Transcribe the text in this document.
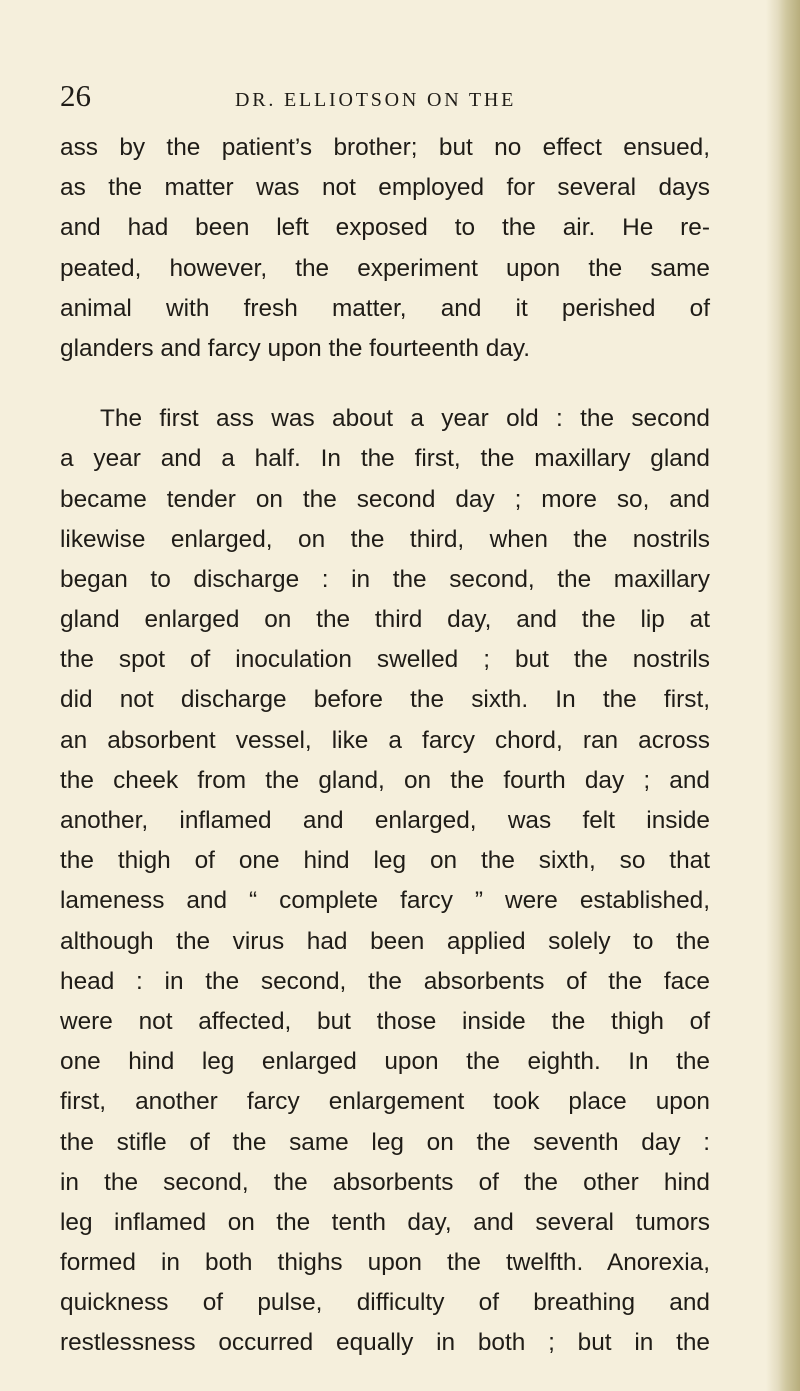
26	DR. ELLIOTSON ON THE
ass by the patient’s brother; but no effect ensued,
as the matter was not employed for several days
and had been left exposed to the air. He re-
peated, however, the experiment upon the same
animal with fresh matter, and it perished of
glanders and farcy upon the fourteenth day.
The first ass was about a year old : the second
a year and a half. In the first, the maxillary gland
became tender on the second day ; more so, and
likewise enlarged, on the third, when the nostrils
began to discharge : in the second, the maxillary
gland enlarged on the third day, and the lip at
the spot of inoculation swelled ; but the nostrils
did not discharge before the sixth. In the first,
an absorbent vessel, like a farcy chord, ran across
the cheek from the gland, on the fourth day ; and
another, inflamed and enlarged, was felt inside
the thigh of one hind leg on the sixth, so that
lameness and “ complete farcy ” were established,
although the virus had been applied solely to the
head : in the second, the absorbents of the face
were not affected, but those inside the thigh of
one hind leg enlarged upon the eighth. In the
first, another farcy enlargement took place upon
the stifle of the same leg on the seventh day :
in the second, the absorbents of the other hind
leg inflamed on the tenth day, and several tumors
formed in both thighs upon the twelfth. Anorexia,
quickness of pulse, difficulty of breathing and
restlessness occurred equally in both ; but in the
